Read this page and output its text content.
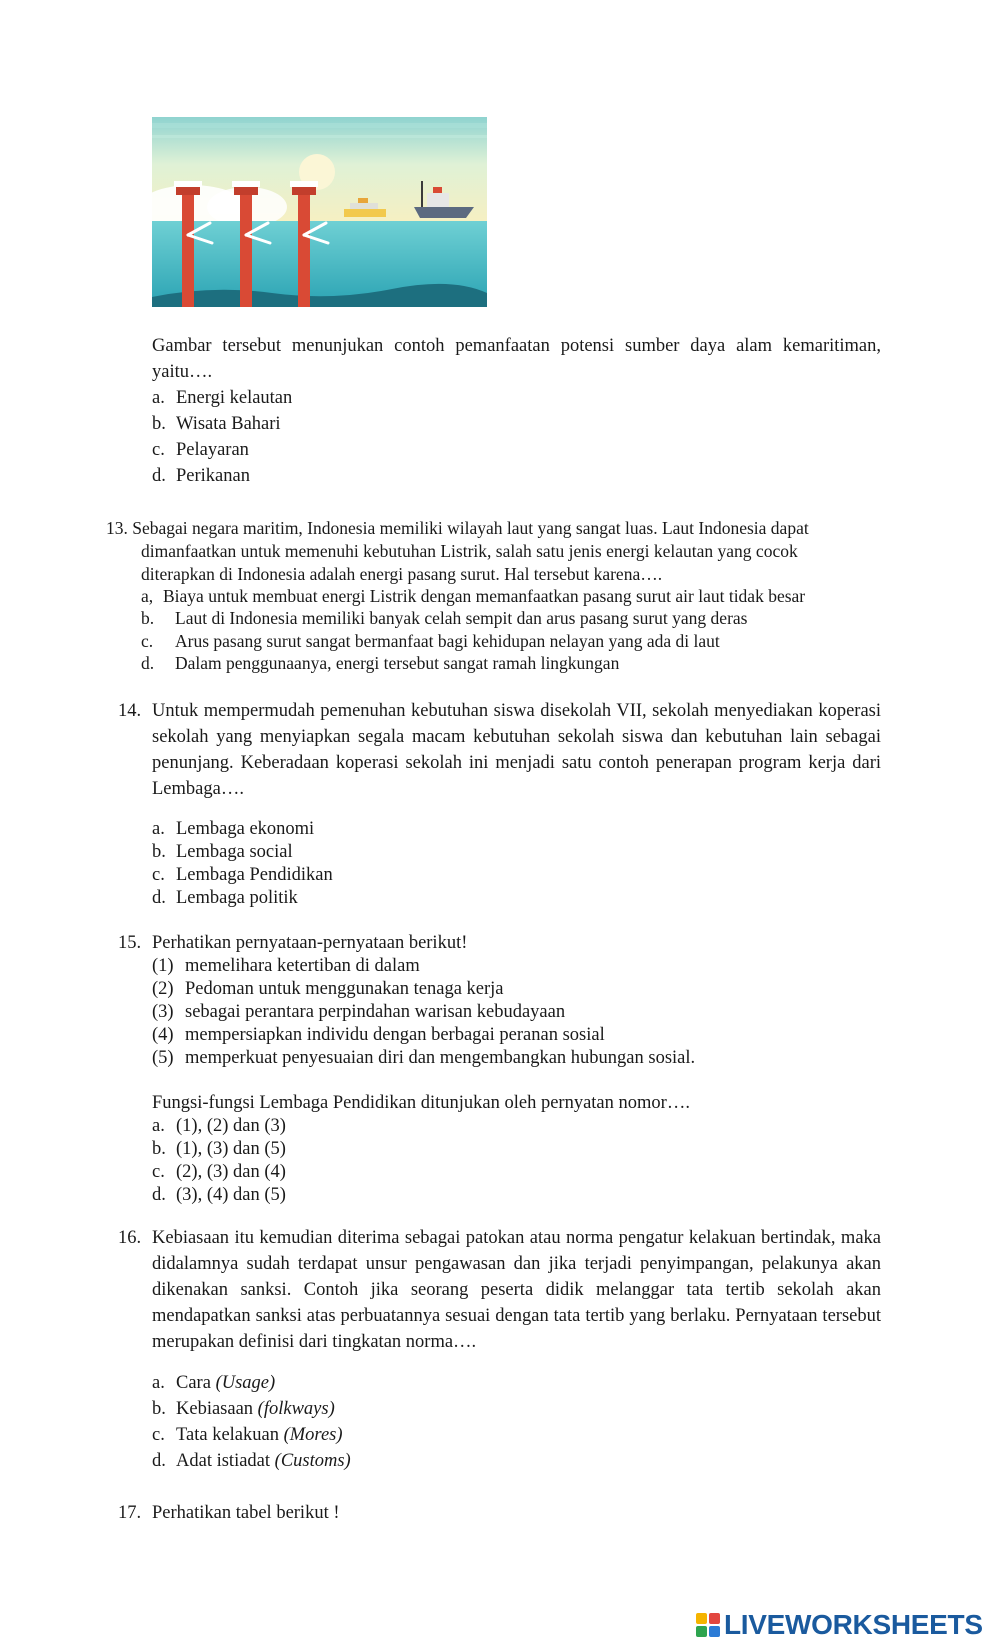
Gambar tersebut menunjukan contoh pemanfaatan potensi sumber daya alam kemaritiman, yaitu….
a. Energi kelautan
b. Wisata Bahari
c. Pelayaran
d. Perikanan
13. Sebagai negara maritim, Indonesia memiliki wilayah laut yang sangat luas. Laut Indonesia dapat
dimanfaatkan untuk memenuhi kebutuhan Listrik, salah satu jenis energi kelautan yang cocok
diterapkan di Indonesia adalah energi pasang surut. Hal tersebut karena….
a, Biaya untuk membuat energi Listrik dengan memanfaatkan pasang surut air laut tidak besar
b. Laut di Indonesia memiliki banyak celah sempit dan arus pasang surut yang deras
c. Arus pasang surut sangat bermanfaat bagi kehidupan nelayan yang ada di laut
d. Dalam penggunaanya, energi tersebut sangat ramah lingkungan
14. Untuk mempermudah pemenuhan kebutuhan siswa disekolah VII, sekolah menyediakan koperasi sekolah yang menyiapkan segala macam kebutuhan sekolah siswa dan kebutuhan lain sebagai penunjang. Keberadaan koperasi sekolah ini menjadi satu contoh penerapan program kerja dari Lembaga….
a. Lembaga ekonomi
b. Lembaga social
c. Lembaga Pendidikan
d. Lembaga politik
15. Perhatikan pernyataan-pernyataan berikut!
(1) memelihara ketertiban di dalam
(2) Pedoman untuk menggunakan tenaga kerja
(3) sebagai perantara perpindahan warisan kebudayaan
(4) mempersiapkan individu dengan berbagai peranan sosial
(5) memperkuat penyesuaian diri dan mengembangkan hubungan sosial.
Fungsi-fungsi Lembaga Pendidikan ditunjukan oleh pernyatan nomor….
a. (1), (2) dan (3)
b. (1), (3) dan (5)
c. (2), (3) dan (4)
d. (3), (4) dan (5)
16. Kebiasaan itu kemudian diterima sebagai patokan atau norma pengatur kelakuan bertindak, maka didalamnya sudah terdapat unsur pengawasan dan jika terjadi penyimpangan, pelakunya akan dikenakan sanksi. Contoh jika seorang peserta didik melanggar tata tertib sekolah akan mendapatkan sanksi atas perbuatannya sesuai dengan tata tertib yang berlaku. Pernyataan tersebut merupakan definisi dari tingkatan norma….
a. Cara (Usage)
b. Kebiasaan (folkways)
c. Tata kelakuan (Mores)
d. Adat istiadat (Customs)
17. Perhatikan tabel berikut !
LIVEWORKSHEETS
